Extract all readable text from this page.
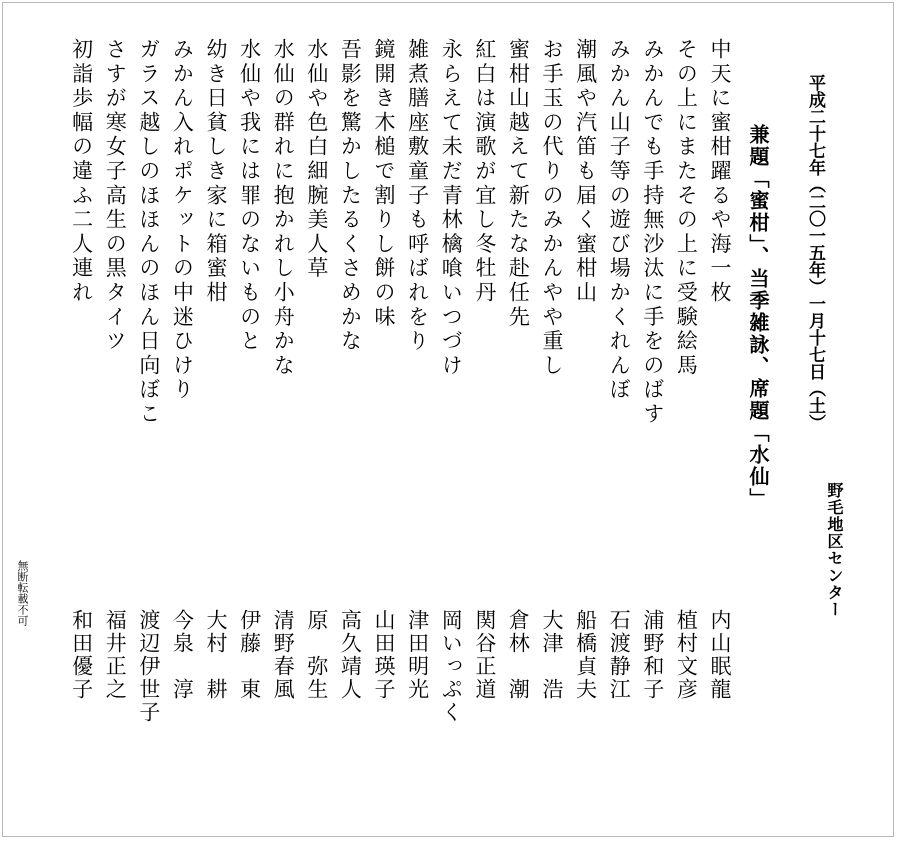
平成二十七年（二〇一五年）一月十七日（土）
野毛地区センター
兼題「蜜柑」、当季雑詠、席題「水仙」
中天に蜜柑躍るや海一枚
内山眠龍
その上にまたその上に受験絵馬
植村文彦
みかんでも手持無沙汰に手をのばす
浦野和子
みかん山子等の遊び場かくれんぼ
石渡静江
潮風や汽笛も届く蜜柑山
船橋貞夫
お手玉の代りのみかんやや重し
大津　浩
蜜柑山越えて新たな赴任先
倉林　潮
紅白は演歌が宜し冬牡丹
関谷正道
永らえて未だ青林檎喰いつづけ
岡いっぷく
雑煮膳座敷童子も呼ばれをり
津田明光
鏡開き木槌で割りし餅の味
山田瑛子
吾影を驚かしたるくさめかな
高久靖人
水仙や色白細腕美人草
原　弥生
水仙の群れに抱かれし小舟かな
清野春風
水仙や我には罪のないものと
伊藤　東
幼き日貧しき家に箱蜜柑
大村　耕
みかん入れポケットの中迷ひけり
今泉　淳
ガラス越しのほほんのほん日向ぼこ
渡辺伊世子
さすが寒女子高生の黒タイツ
福井正之
初詣歩幅の違ふ二人連れ
和田優子
無断転載不可
